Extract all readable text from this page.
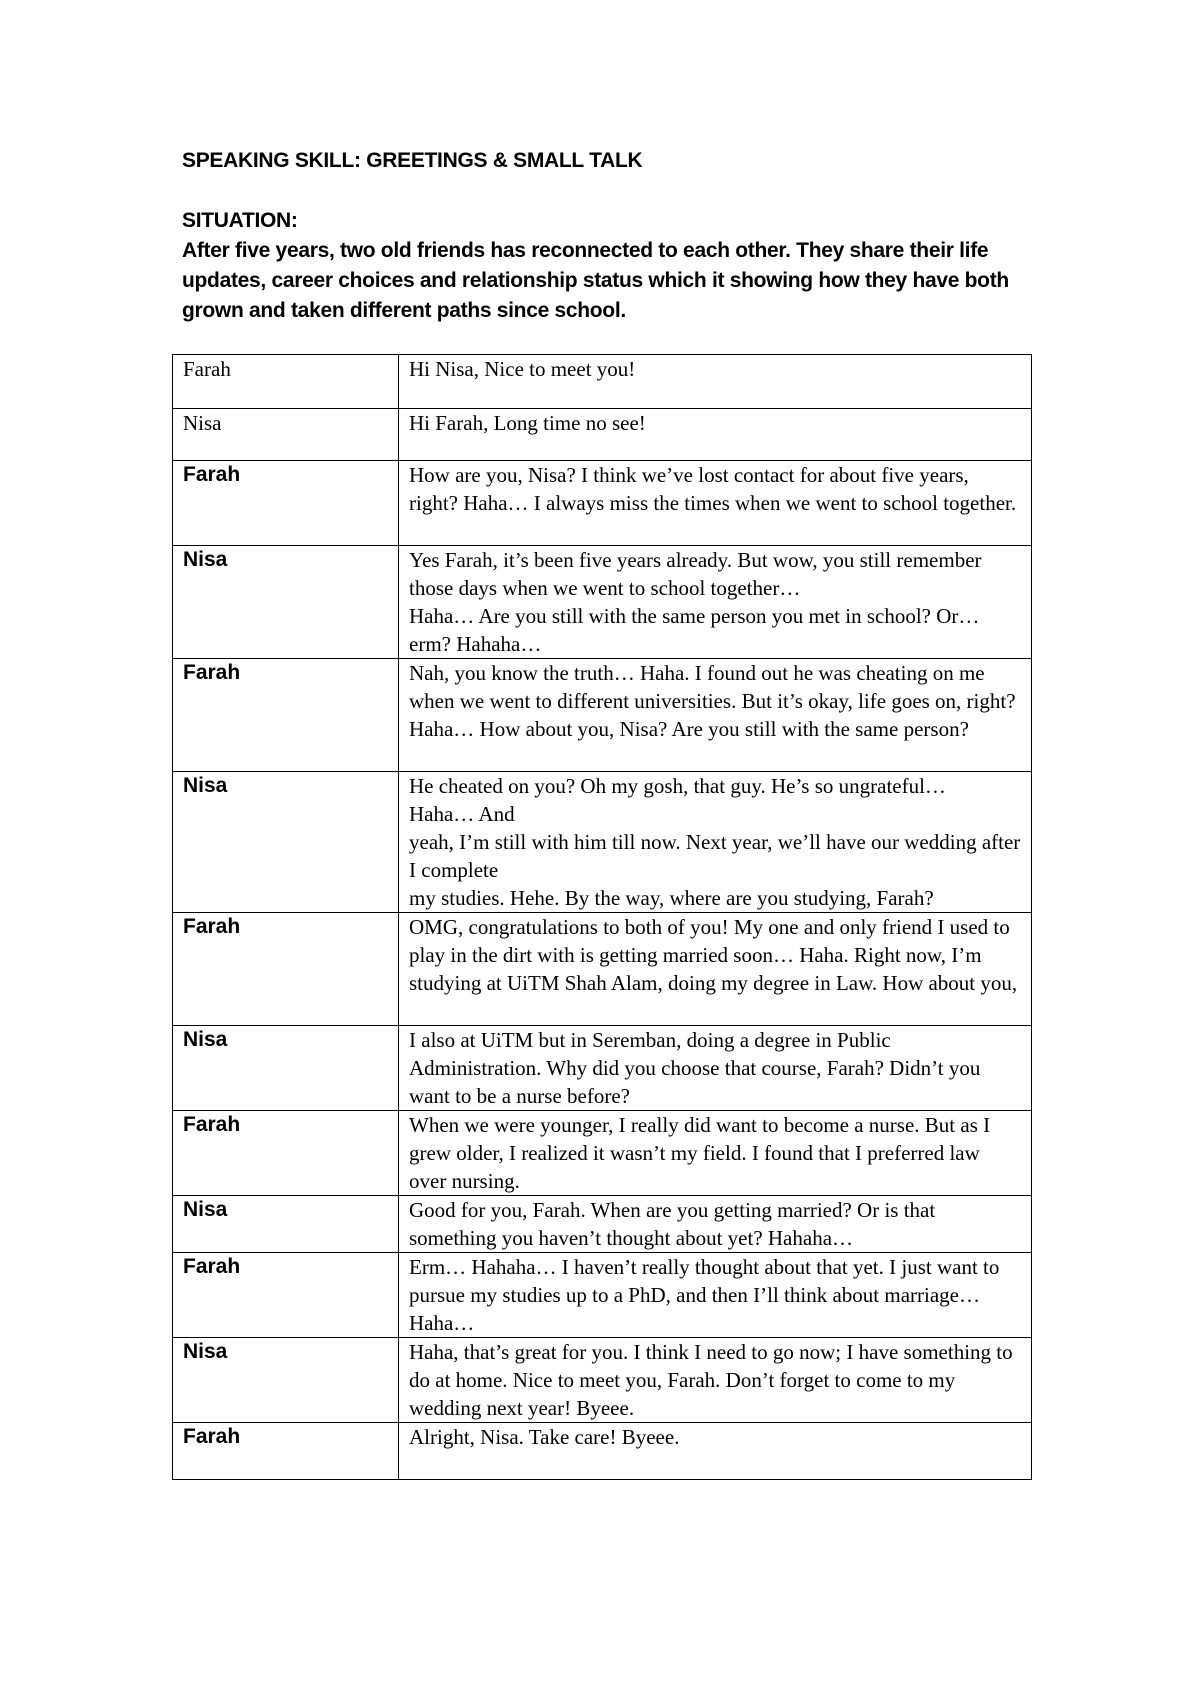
SPEAKING SKILL: GREETINGS & SMALL TALK

SITUATION:

After five years, two old friends has reconnected to each other. They share their life updates, career choices and relationship status which it showing how they have both grown and taken different paths since school.

Farah	Hi Nisa, Nice to meet you!
Nisa	Hi Farah, Long time no see!
Farah	How are you, Nisa? I think we’ve lost contact for about five years, right? Haha… I always miss the times when we went to school together.
Nisa	Yes Farah, it’s been five years already. But wow, you still remember those days when we went to school together…
Haha… Are you still with the same person you met in school? Or… erm? Hahaha…
Farah	Nah, you know the truth… Haha. I found out he was cheating on me when we went to different universities. But it’s okay, life goes on, right? Haha… How about you, Nisa? Are you still with the same person?
Nisa	He cheated on you? Oh my gosh, that guy. He’s so ungrateful…
Haha… And
yeah, I’m still with him till now. Next year, we’ll have our wedding after I complete
my studies. Hehe. By the way, where are you studying, Farah?
Farah	OMG, congratulations to both of you! My one and only friend I used to play in the dirt with is getting married soon… Haha. Right now, I’m studying at UiTM Shah Alam, doing my degree in Law. How about you,
Nisa	I also at UiTM but in Seremban, doing a degree in Public Administration. Why did you choose that course, Farah? Didn’t you want to be a nurse before?
Farah	When we were younger, I really did want to become a nurse. But as I grew older, I realized it wasn’t my field. I found that I preferred law over nursing.
Nisa	Good for you, Farah. When are you getting married? Or is that something you haven’t thought about yet? Hahaha…
Farah	Erm… Hahaha… I haven’t really thought about that yet. I just want to pursue my studies up to a PhD, and then I’ll think about marriage… Haha…
Nisa	Haha, that’s great for you. I think I need to go now; I have something to do at home. Nice to meet you, Farah. Don’t forget to come to my wedding next year! Byeee.
Farah	Alright, Nisa. Take care! Byeee.
